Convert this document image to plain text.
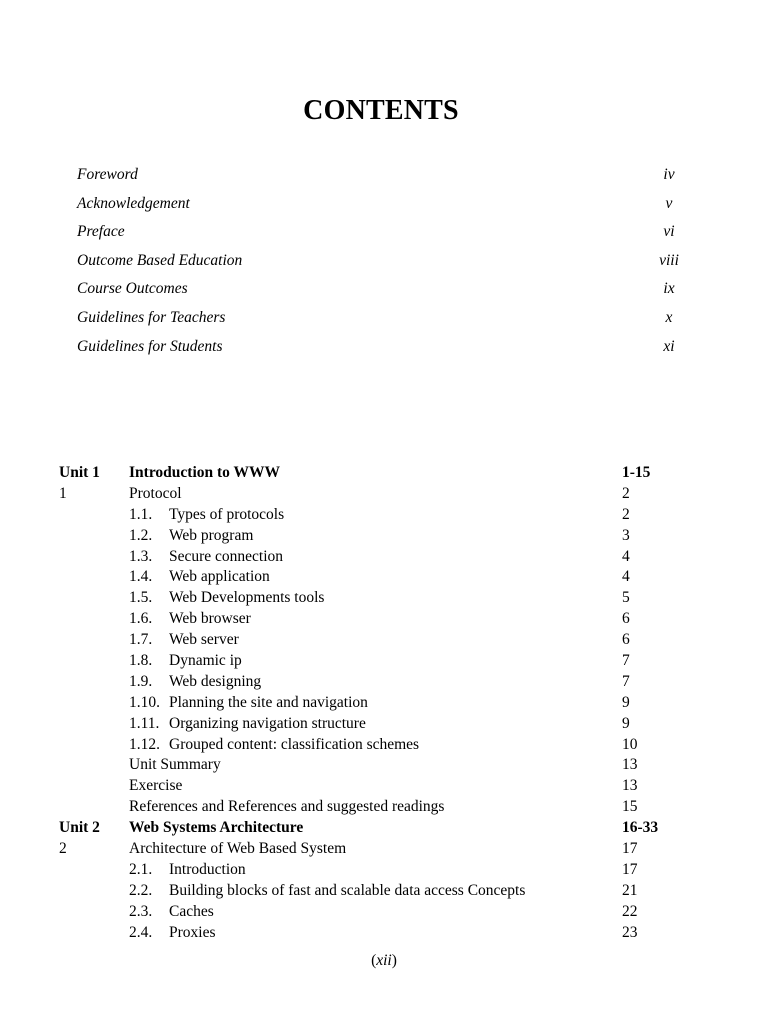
CONTENTS
Foreword	iv
Acknowledgement	v
Preface	vi
Outcome Based Education	viii
Course Outcomes	ix
Guidelines for Teachers	x
Guidelines for Students	xi
Unit 1 Introduction to WWW	1-15
1	Protocol	2
1.1. Types of protocols	2
1.2. Web program	3
1.3. Secure connection	4
1.4. Web application	4
1.5. Web Developments tools	5
1.6. Web browser	6
1.7. Web server	6
1.8. Dynamic ip	7
1.9. Web designing	7
1.10. Planning the site and navigation	9
1.11. Organizing navigation structure	9
1.12. Grouped content: classification schemes	10
Unit Summary	13
Exercise	13
References and References and suggested readings	15
Unit 2 Web Systems Architecture	16-33
2	Architecture of Web Based System	17
2.1. Introduction	17
2.2. Building blocks of fast and scalable data access Concepts	21
2.3. Caches	22
2.4. Proxies	23
(xii)
